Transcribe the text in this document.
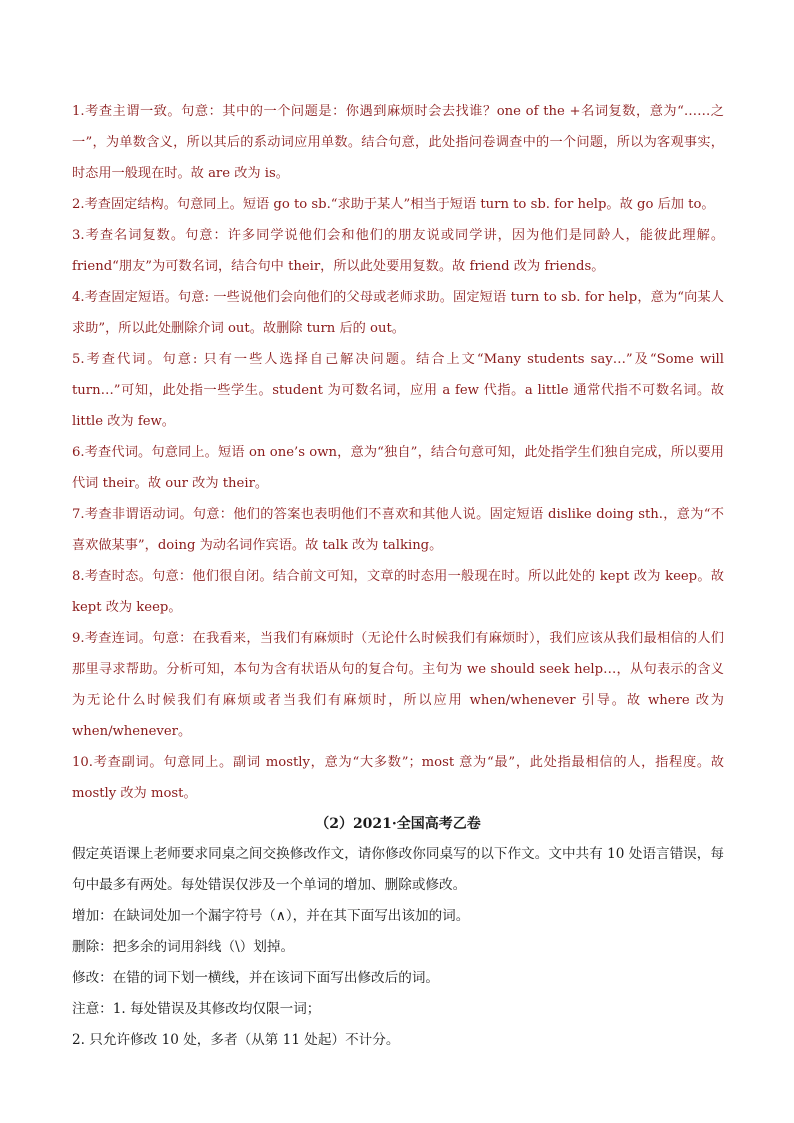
1.考查主谓一致。句意：其中的一个问题是：你遇到麻烦时会去找谁？one of the +名词复数，意为“……之一”，为单数含义，所以其后的系动词应用单数。结合句意，此处指问卷调查中的一个问题，所以为客观事实，时态用一般现在时。故 are 改为 is。

2.考查固定结构。句意同上。短语 go to sb.“求助于某人”相当于短语 turn to sb. for help。故 go 后加 to。

3.考查名词复数。句意：许多同学说他们会和他们的朋友说或同学讲，因为他们是同龄人，能彼此理解。friend“朋友”为可数名词，结合句中 their，所以此处要用复数。故 friend 改为 friends。

4.考查固定短语。句意: 一些说他们会向他们的父母或老师求助。固定短语 turn to sb. for help，意为“向某人求助”，所以此处删除介词 out。故删除 turn 后的 out。

5.考查代词。句意: 只有一些人选择自己解决问题。结合上文“Many students say…”及“Some will turn…”可知，此处指一些学生。student 为可数名词，应用 a few 代指。a little 通常代指不可数名词。故 little 改为 few。

6.考查代词。句意同上。短语 on one’s own，意为“独自”，结合句意可知，此处指学生们独自完成，所以要用代词 their。故 our 改为 their。

7.考查非谓语动词。句意：他们的答案也表明他们不喜欢和其他人说。固定短语 dislike doing sth.，意为“不喜欢做某事”，doing 为动名词作宾语。故 talk 改为 talking。

8.考查时态。句意：他们很自闭。结合前文可知，文章的时态用一般现在时。所以此处的 kept 改为 keep。故 kept 改为 keep。

9.考查连词。句意：在我看来，当我们有麻烦时（无论什么时候我们有麻烦时），我们应该从我们最相信的人们那里寻求帮助。分析可知，本句为含有状语从句的复合句。主句为 we should seek help…，从句表示的含义为无论什么时候我们有麻烦或者当我们有麻烦时，所以应用 when/whenever 引导。故 where 改为 when/whenever。

10.考查副词。句意同上。副词 mostly，意为“大多数”；most 意为“最”，此处指最相信的人，指程度。故 mostly 改为 most。

（2）2021·全国高考乙卷

假定英语课上老师要求同桌之间交换修改作文，请你修改你同桌写的以下作文。文中共有 10 处语言错误，每句中最多有两处。每处错误仅涉及一个单词的增加、删除或修改。

增加：在缺词处加一个漏字符号（∧），并在其下面写出该加的词。

删除：把多余的词用斜线（\）划掉。

修改：在错的词下划一横线，并在该词下面写出修改后的词。

注意：1. 每处错误及其修改均仅限一词；

2. 只允许修改 10 处，多者（从第 11 处起）不计分。
